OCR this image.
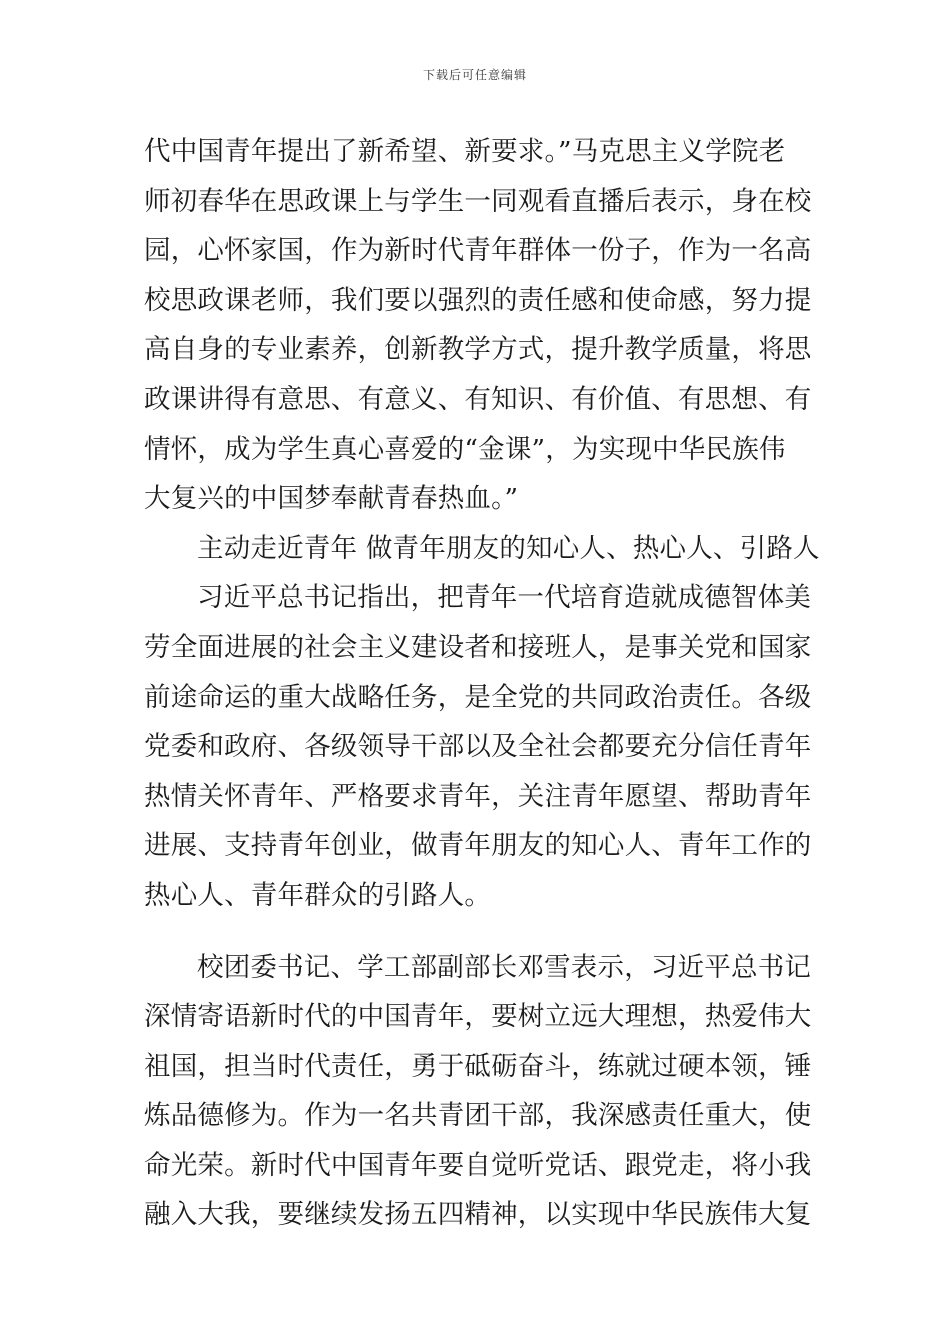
下载后可任意编辑
代中国青年提出了新希望、新要求。”马克思主义学院老
师初春华在思政课上与学生一同观看直播后表示，身在校
园，心怀家国，作为新时代青年群体一份子，作为一名高
校思政课老师，我们要以强烈的责任感和使命感，努力提
高自身的专业素养，创新教学方式，提升教学质量，将思
政课讲得有意思、有意义、有知识、有价值、有思想、有
情怀，成为学生真心喜爱的“金课”，为实现中华民族伟
大复兴的中国梦奉献青春热血。”
主动走近青年 做青年朋友的知心人、热心人、引路人
习近平总书记指出，把青年一代培育造就成德智体美
劳全面进展的社会主义建设者和接班人，是事关党和国家
前途命运的重大战略任务，是全党的共同政治责任。各级
党委和政府、各级领导干部以及全社会都要充分信任青年
热情关怀青年、严格要求青年，关注青年愿望、帮助青年
进展、支持青年创业，做青年朋友的知心人、青年工作的
热心人、青年群众的引路人。
校团委书记、学工部副部长邓雪表示，习近平总书记
深情寄语新时代的中国青年，要树立远大理想，热爱伟大
祖国，担当时代责任，勇于砥砺奋斗，练就过硬本领，锤
炼品德修为。作为一名共青团干部，我深感责任重大，使
命光荣。新时代中国青年要自觉听党话、跟党走，将小我
融入大我，要继续发扬五四精神，以实现中华民族伟大复
